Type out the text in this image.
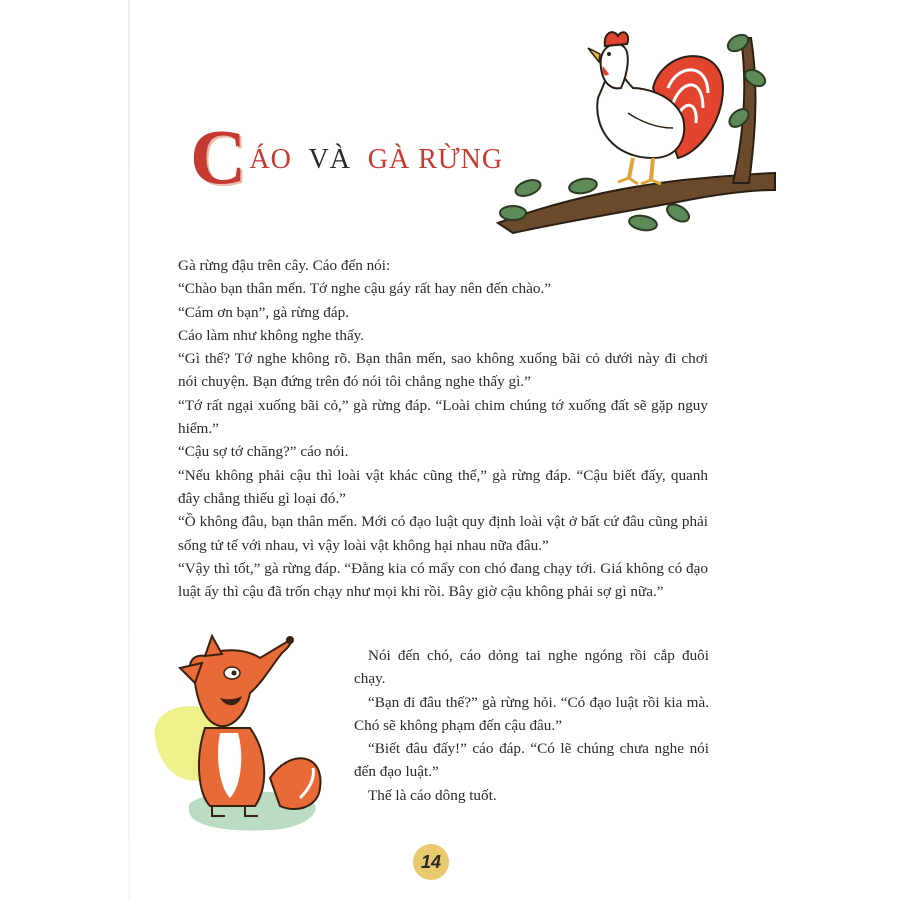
C ÁO VÀ GÀ RỪNG

Gà rừng đậu trên cây. Cáo đến nói:

“Chào bạn thân mến. Tớ nghe cậu gáy rất hay nên đến chào.”

“Cám ơn bạn”, gà rừng đáp.

Cáo làm như không nghe thấy.

“Gì thế? Tớ nghe không rõ. Bạn thân mến, sao không xuống bãi cỏ dưới này đi chơi nói chuyện. Bạn đứng trên đó nói tôi chẳng nghe thấy gì.”

“Tớ rất ngại xuống bãi cỏ,” gà rừng đáp. “Loài chim chúng tớ xuống đất sẽ gặp nguy hiểm.”

“Cậu sợ tớ chăng?” cáo nói.

“Nếu không phải cậu thì loài vật khác cũng thế,” gà rừng đáp. “Cậu biết đấy, quanh đây chẳng thiếu gì loại đó.”

“Ồ không đâu, bạn thân mến. Mới có đạo luật quy định loài vật ở bất cứ đâu cũng phải sống tử tế với nhau, vì vậy loài vật không hại nhau nữa đâu.”

“Vậy thì tốt,” gà rừng đáp. “Đằng kia có mấy con chó đang chạy tới. Giá không có đạo luật ấy thì cậu đã trốn chạy như mọi khi rồi. Bây giờ cậu không phải sợ gì nữa.”

Nói đến chó, cáo dỏng tai nghe ngóng rồi cắp đuôi chạy.

“Bạn đi đâu thế?” gà rừng hỏi. “Có đạo luật rồi kia mà. Chó sẽ không phạm đến cậu đâu.”

“Biết đâu đấy!” cáo đáp. “Có lẽ chúng chưa nghe nói đến đạo luật.”

Thế là cáo dông tuốt.

14
